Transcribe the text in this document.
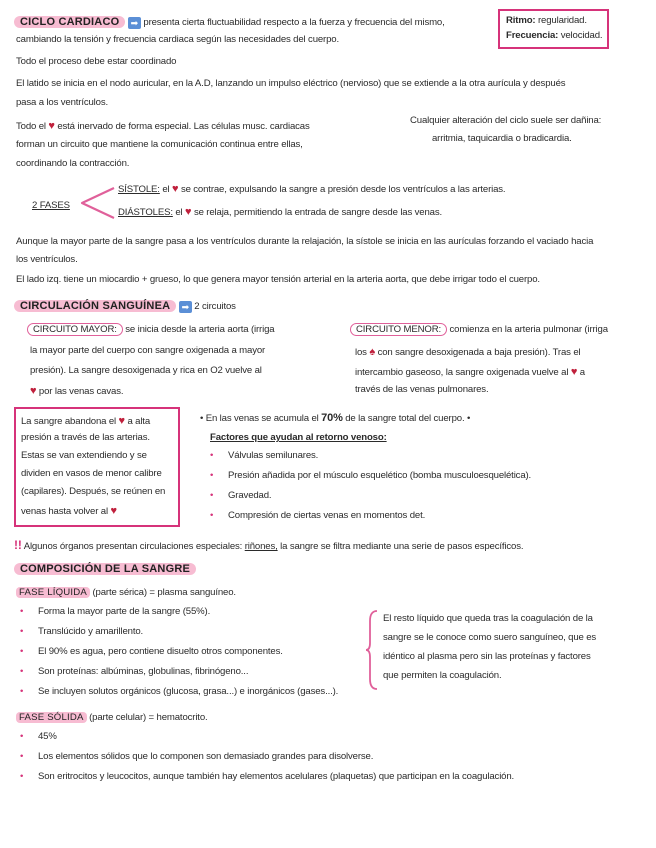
CICLO CARDIACO ➡ presenta cierta fluctuabilidad respecto a la fuerza y frecuencia del mismo,
cambiando la tensión y frecuencia cardiaca según las necesidades del cuerpo.
Todo el proceso debe estar coordinado
El latido se inicia en el nodo auricular, en la A.D, lanzando un impulso eléctrico (nervioso) que se extiende a la otra aurícula y después
pasa a los ventrículos.
Todo el ♥ está inervado de forma especial. Las células musc. cardiacas
forman un circuito que mantiene la comunicación continua entre ellas,
coordinando la contracción.
Ritmo: regularidad.
Frecuencia: velocidad.
Cualquier alteración del ciclo suele ser dañina:
arritmia, taquicardia o bradicardia.
2 FASES
SÍSTOLE: el ♥ se contrae, expulsando la sangre a presión desde los ventrículos a las arterias.
DIÁSTOLES: el ♥ se relaja, permitiendo la entrada de sangre desde las venas.
Aunque la mayor parte de la sangre pasa a los ventrículos durante la relajación, la sístole se inicia en las aurículas forzando el vaciado hacia
los ventrículos.
El lado izq. tiene un miocardio + grueso, lo que genera mayor tensión arterial en la arteria aorta, que debe irrigar todo el cuerpo.
CIRCULACIÓN SANGUÍNEA ➡ 2 circuitos
CIRCUITO MAYOR: se inicia desde la arteria aorta (irriga
la mayor parte del cuerpo con sangre oxigenada a mayor
presión). La sangre desoxigenada y rica en O2 vuelve al
♥ por las venas cavas.
CIRCUITO MENOR: comienza en la arteria pulmonar (irriga
los ♠ con sangre desoxigenada a baja presión). Tras el
intercambio gaseoso, la sangre oxigenada vuelve al ♥ a
través de las venas pulmonares.
La sangre abandona el ♥ a alta
presión a través de las arterias.
Estas se van extendiendo y se
dividen en vasos de menor calibre
(capilares). Después, se reúnen en
venas hasta volver al ♥
• En las venas se acumula el 70% de la sangre total del cuerpo. •
Factores que ayudan al retorno venoso:
• Válvulas semilunares.
• Presión añadida por el músculo esquelético (bomba musculoesquelética).
• Gravedad.
• Compresión de ciertas venas en momentos det.
!! Algunos órganos presentan circulaciones especiales: riñones, la sangre se filtra mediante una serie de pasos específicos.
COMPOSICIÓN DE LA SANGRE
FASE LÍQUIDA (parte sérica) = plasma sanguíneo.
• Forma la mayor parte de la sangre (55%).
• Translúcido y amarillento.
• El 90% es agua, pero contiene disuelto otros componentes.
• Son proteínas: albúminas, globulinas, fibrinógeno...
• Se incluyen solutos orgánicos (glucosa, grasa...) e inorgánicos (gases...).
El resto líquido que queda tras la coagulación de la
sangre se le conoce como suero sanguíneo, que es
idéntico al plasma pero sin las proteínas y factores
que permiten la coagulación.
FASE SÓLIDA (parte celular) = hematocrito.
• 45%
• Los elementos sólidos que lo componen son demasiado grandes para disolverse.
• Son eritrocitos y leucocitos, aunque también hay elementos acelulares (plaquetas) que participan en la coagulación.
